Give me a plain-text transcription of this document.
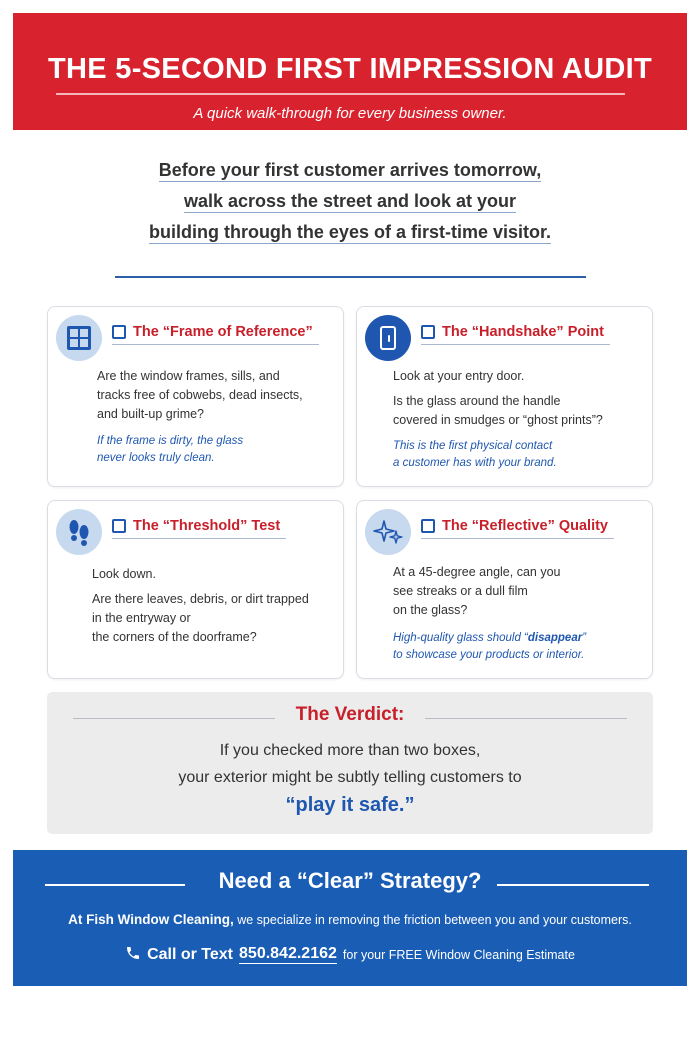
THE 5-SECOND FIRST IMPRESSION AUDIT
A quick walk-through for every business owner.
Before your first customer arrives tomorrow,
walk across the street and look at your
building through the eyes of a first-time visitor.
The “Frame of Reference”

Are the window frames, sills, and

tracks free of cobwebs, dead insects,

and built-up grime?

If the frame is dirty, the glass
never looks truly clean.
The “Handshake” Point

Look at your entry door.

Is the glass around the handle

covered in smudges or “ghost prints”?

This is the first physical contact
a customer has with your brand.
The “Threshold” Test

Look down.

Are there leaves, debris, or dirt trapped

in the entryway or

the corners of the doorframe?

The “Reflective” Quality

At a 45-degree angle, can you

see streaks or a dull film

on the glass?

High-quality glass should “disappear”
to showcase your products or interior.
The Verdict:
If you checked more than two boxes,
your exterior might be subtly telling customers to
“play it safe.”
Need a “Clear” Strategy?
At Fish Window Cleaning, we specialize in removing the friction between you and your customers.
Call or Text 850.842.2162 for your FREE Window Cleaning Estimate
